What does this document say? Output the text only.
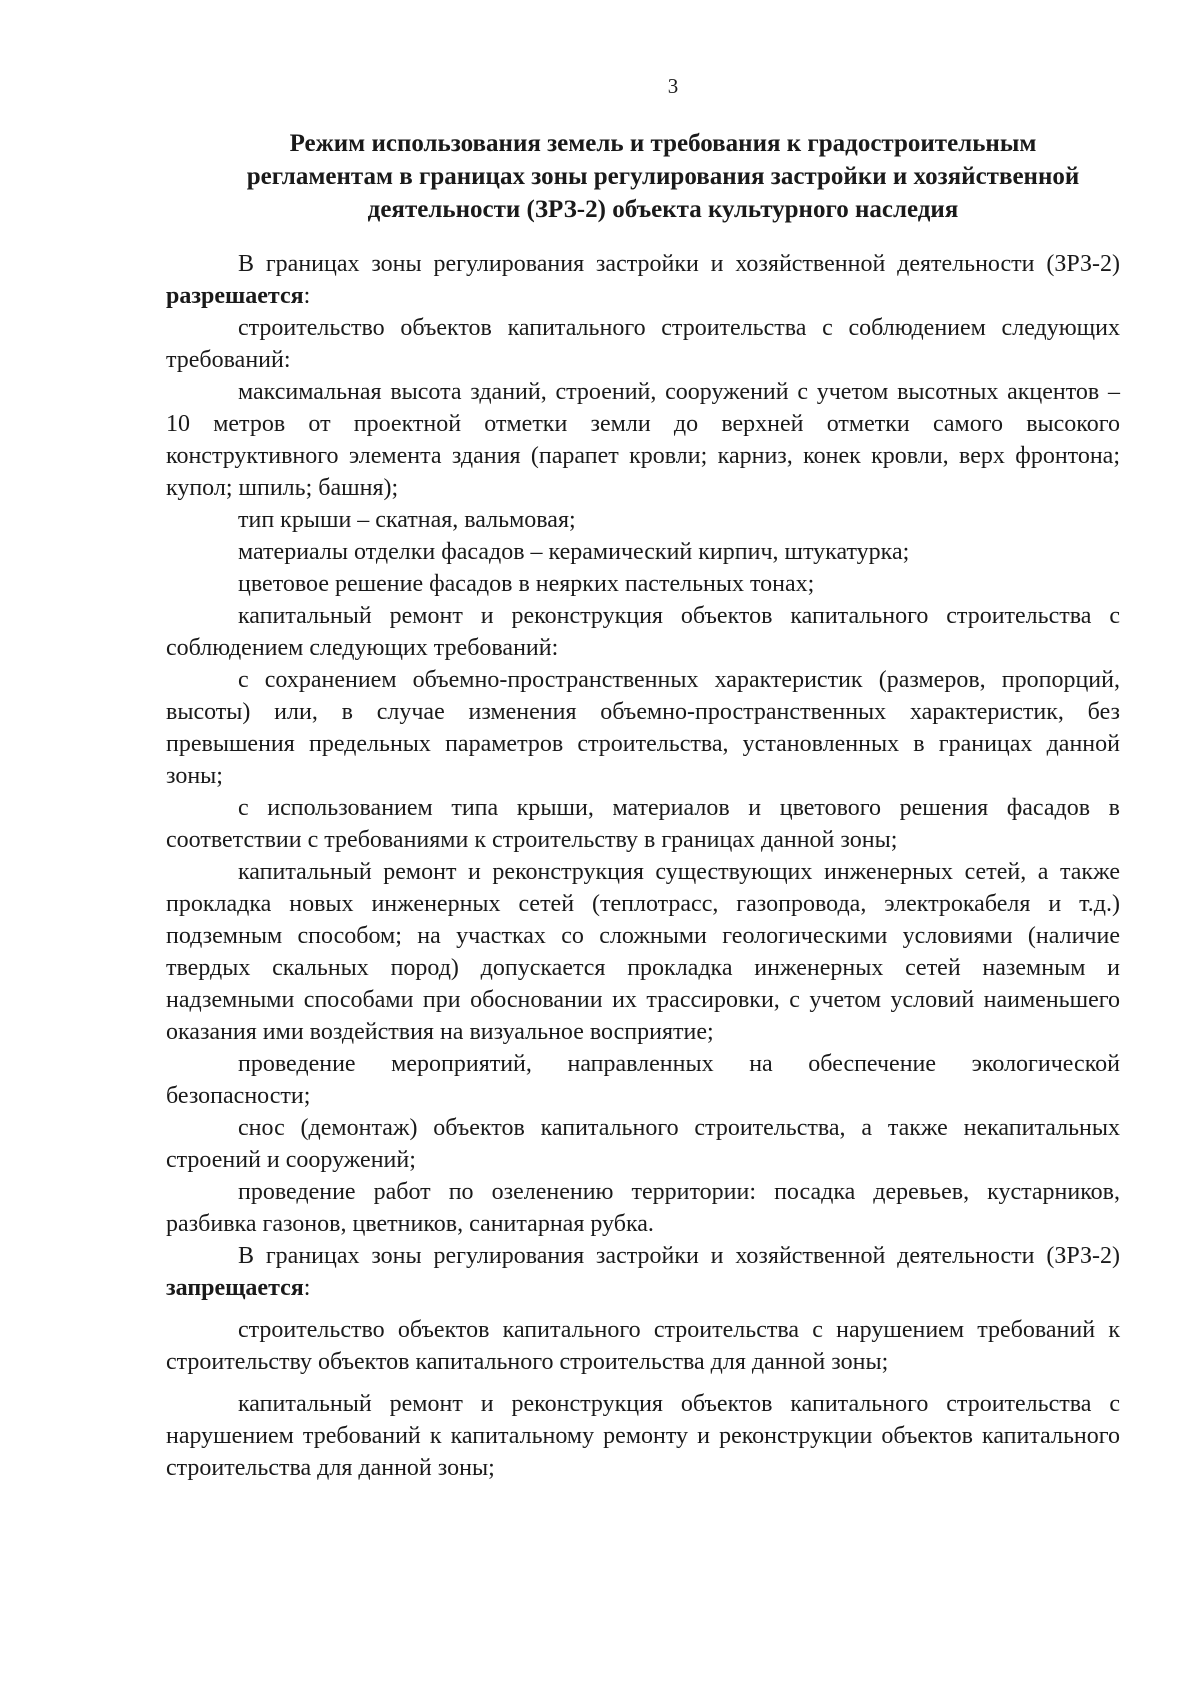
3
Режим использования земель и требования к градостроительным
регламентам в границах зоны регулирования застройки и хозяйственной
деятельности (ЗРЗ-2) объекта культурного наследия

В границах зоны регулирования застройки и хозяйственной деятельности (ЗРЗ-2) разрешается:

строительство объектов капитального строительства с соблюдением следующих требований:

максимальная высота зданий, строений, сооружений с учетом высотных акцентов – 10 метров от проектной отметки земли до верхней отметки самого высокого конструктивного элемента здания (парапет кровли; карниз, конек кровли, верх фронтона; купол; шпиль; башня);

тип крыши – скатная, вальмовая;

материалы отделки фасадов – керамический кирпич, штукатурка;

цветовое решение фасадов в неярких пастельных тонах;

капитальный ремонт и реконструкция объектов капитального строительства с соблюдением следующих требований:

с сохранением объемно-пространственных характеристик (размеров, пропорций, высоты) или, в случае изменения объемно-пространственных характеристик, без превышения предельных параметров строительства, установленных в границах данной зоны;

с использованием типа крыши, материалов и цветового решения фасадов в соответствии с требованиями к строительству в границах данной зоны;

капитальный ремонт и реконструкция существующих инженерных сетей, а также прокладка новых инженерных сетей (теплотрасс, газопровода, электрокабеля и т.д.) подземным способом; на участках со сложными геологическими условиями (наличие твердых скальных пород) допускается прокладка инженерных сетей наземным и надземными способами при обосновании их трассировки, с учетом условий наименьшего оказания ими воздействия на визуальное восприятие;

проведение мероприятий, направленных на обеспечение экологической безопасности;

снос (демонтаж) объектов капитального строительства, а также некапитальных строений и сооружений;

проведение работ по озеленению территории: посадка деревьев, кустарников, разбивка газонов, цветников, санитарная рубка.

В границах зоны регулирования застройки и хозяйственной деятельности (ЗРЗ-2) запрещается:

строительство объектов капитального строительства с нарушением требований к строительству объектов капитального строительства для данной зоны;

капитальный ремонт и реконструкция объектов капитального строительства с нарушением требований к капитальному ремонту и реконструкции объектов капитального строительства для данной зоны;
